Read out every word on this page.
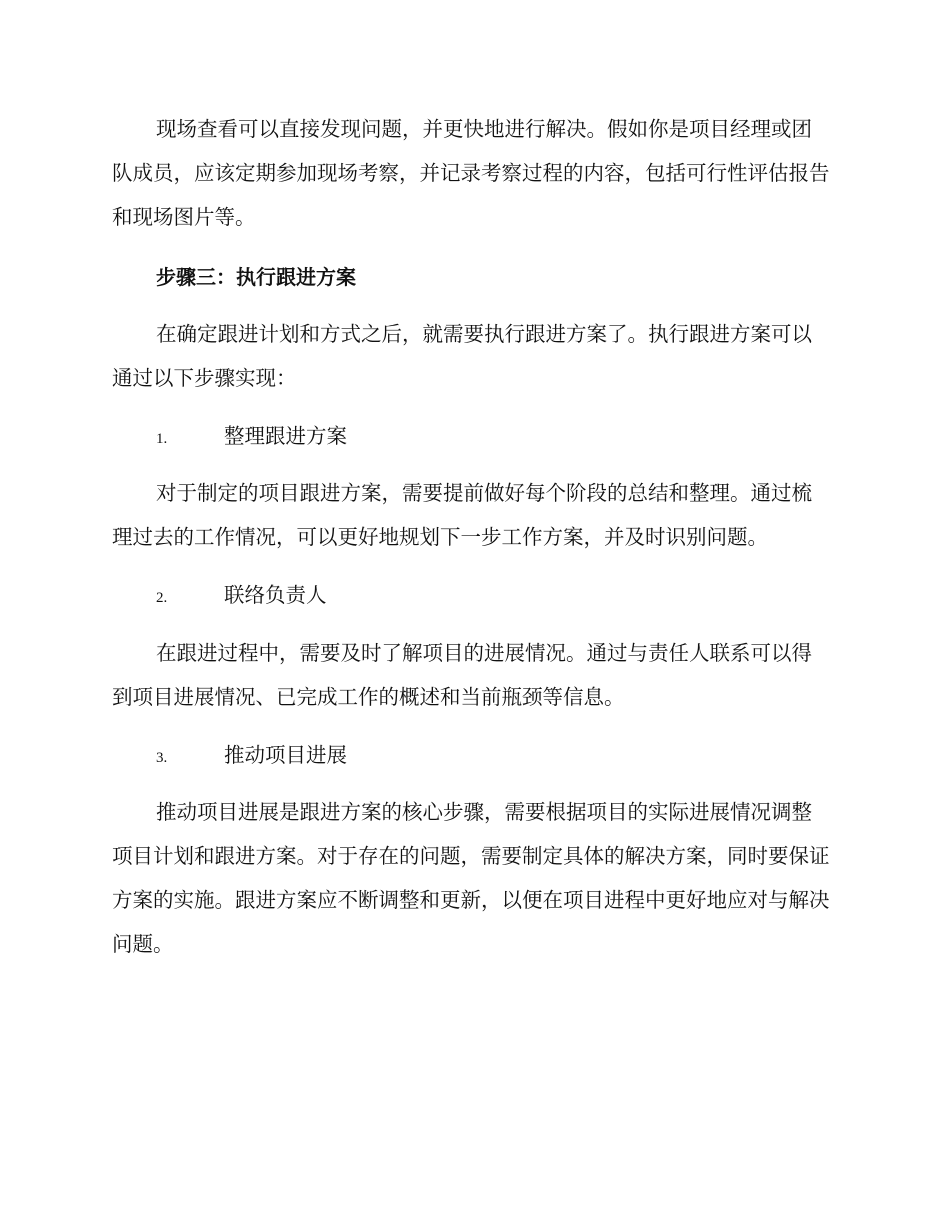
现场查看可以直接发现问题，并更快地进行解决。假如你是项目经理或团队成员，应该定期参加现场考察，并记录考察过程的内容，包括可行性评估报告和现场图片等。

步骤三：执行跟进方案

在确定跟进计划和方式之后，就需要执行跟进方案了。执行跟进方案可以通过以下步骤实现：

1.	整理跟进方案

对于制定的项目跟进方案，需要提前做好每个阶段的总结和整理。通过梳理过去的工作情况，可以更好地规划下一步工作方案，并及时识别问题。

2.	联络负责人

在跟进过程中，需要及时了解项目的进展情况。通过与责任人联系可以得到项目进展情况、已完成工作的概述和当前瓶颈等信息。

3.	推动项目进展

推动项目进展是跟进方案的核心步骤，需要根据项目的实际进展情况调整项目计划和跟进方案。对于存在的问题，需要制定具体的解决方案，同时要保证方案的实施。跟进方案应不断调整和更新，以便在项目进程中更好地应对与解决问题。
